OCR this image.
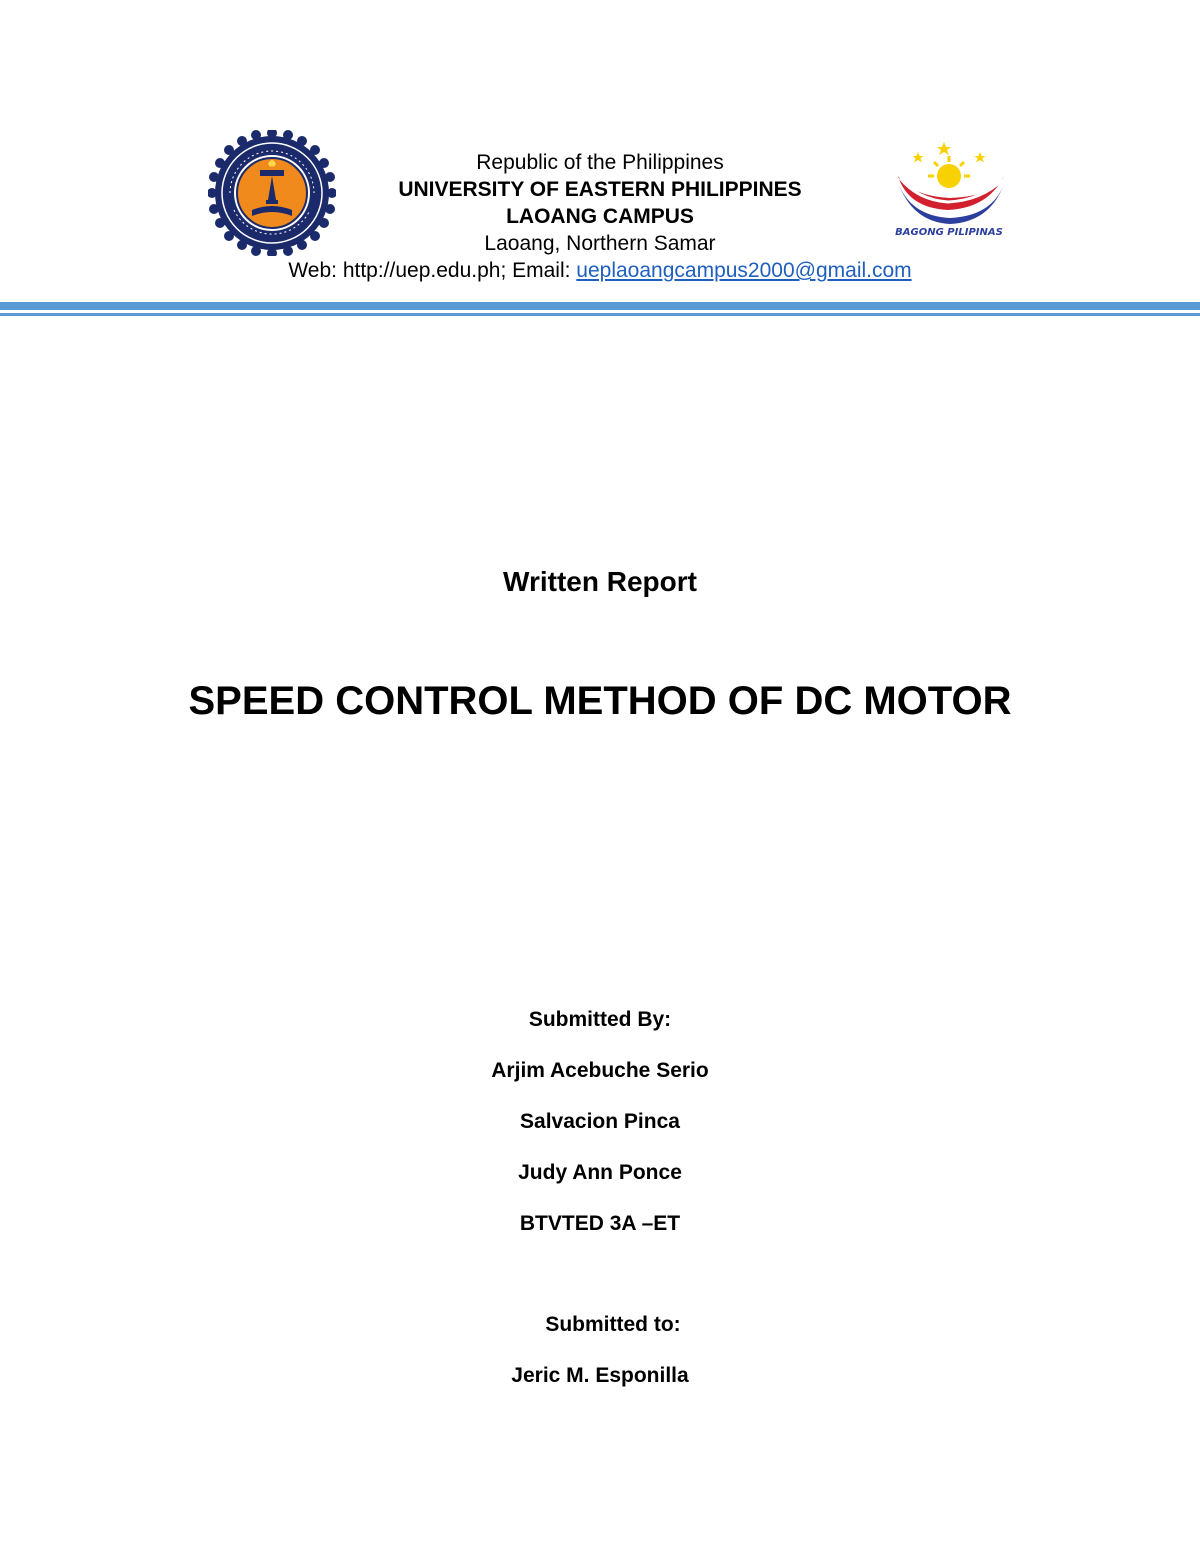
Republic of the Philippines
UNIVERSITY OF EASTERN PHILIPPINES
LAOANG CAMPUS
Laoang, Northern Samar
Web: http://uep.edu.ph; Email: ueplaoangcampus2000@gmail.com
BAGONG PILIPINAS
Written Report
SPEED CONTROL METHOD OF DC MOTOR
Submitted By:
Arjim Acebuche Serio
Salvacion Pinca
Judy Ann Ponce
BTVTED 3A –ET
Submitted to:
Jeric M. Esponilla
